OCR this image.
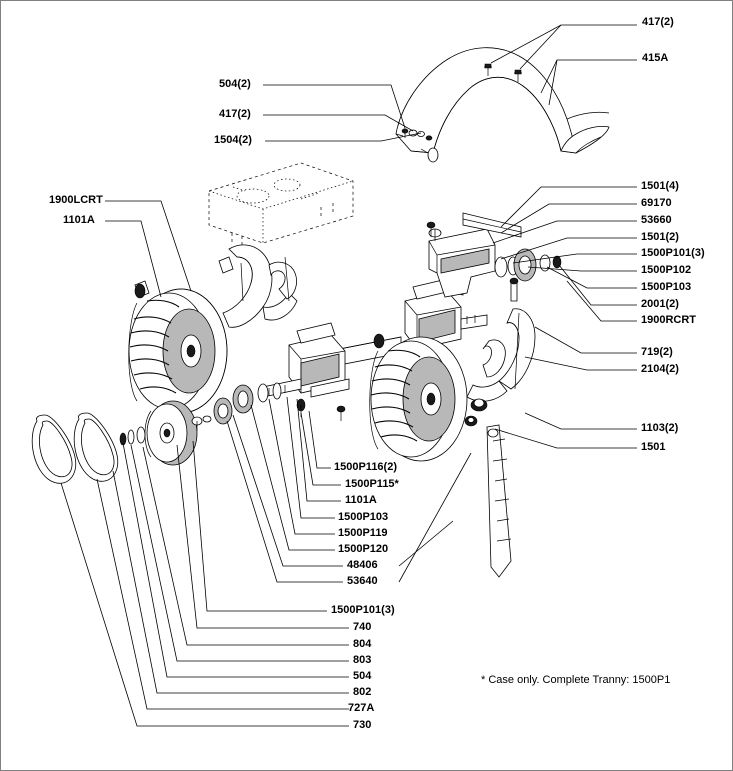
417(2)
415A
504(2)
417(2)
1504(2)
1900LCRT
1101A
1501(4)
69170
53660
1501(2)
1500P101(3)
1500P102
1500P103
2001(2)
1900RCRT
719(2)
2104(2)
1103(2)
1501
1500P116(2)
1500P115*
1101A
1500P103
1500P119
1500P120
48406
53640
1500P101(3)
740
804
803
504
802
727A
730
* Case only. Complete Tranny: 1500P1
